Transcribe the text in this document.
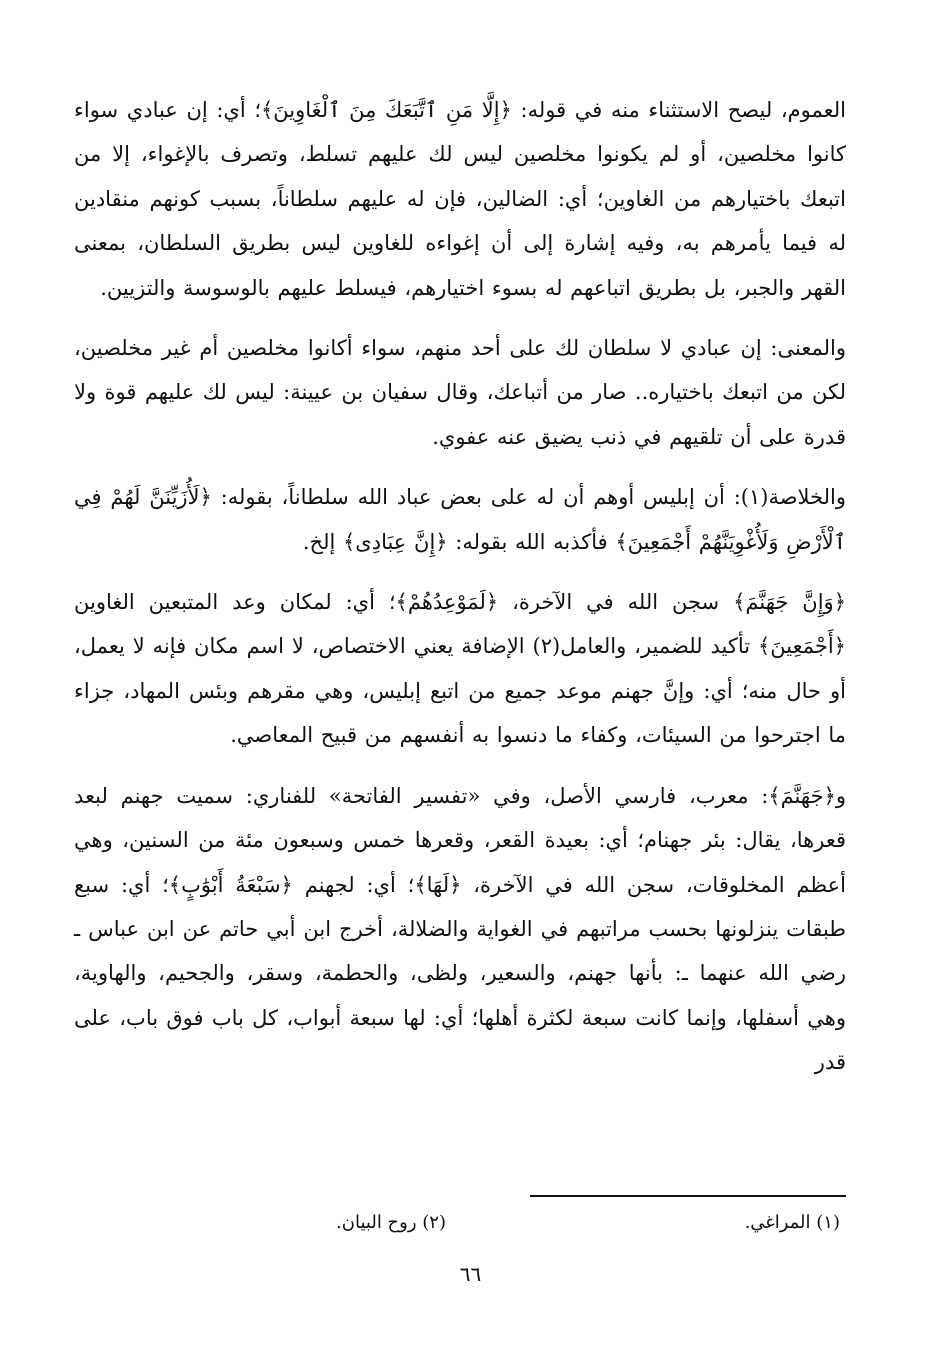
العموم، ليصح الاستثناء منه في قوله: ﴿إِلَّا مَنِ ٱتَّبَعَكَ مِنَ ٱلْغَاوِينَ﴾؛ أي: إن عبادي سواء كانوا مخلصين، أو لم يكونوا مخلصين ليس لك عليهم تسلط، وتصرف بالإغواء، إلا من اتبعك باختيارهم من الغاوين؛ أي: الضالين، فإن له عليهم سلطاناً، بسبب كونهم منقادين له فيما يأمرهم به، وفيه إشارة إلى أن إغواءه للغاوين ليس بطريق السلطان، بمعنى القهر والجبر، بل بطريق اتباعهم له بسوء اختيارهم، فيسلط عليهم بالوسوسة والتزيين.

والمعنى: إن عبادي لا سلطان لك على أحد منهم، سواء أكانوا مخلصين أم غير مخلصين، لكن من اتبعك باختياره.. صار من أتباعك، وقال سفيان بن عيينة: ليس لك عليهم قوة ولا قدرة على أن تلقيهم في ذنب يضيق عنه عفوي.

والخلاصة(١): أن إبليس أوهم أن له على بعض عباد الله سلطاناً، بقوله: ﴿لَأُزَيِّنَنَّ لَهُمْ فِي ٱلْأَرْضِ وَلَأُغْوِيَنَّهُمْ أَجْمَعِينَ﴾ فأكذبه الله بقوله: ﴿إِنَّ عِبَادِى﴾ إلخ.

﴿وَإِنَّ جَهَنَّمَ﴾ سجن الله في الآخرة، ﴿لَمَوْعِدُهُمْ﴾؛ أي: لمكان وعد المتبعين الغاوين ﴿أَجْمَعِينَ﴾ تأكيد للضمير، والعامل(٢) الإضافة يعني الاختصاص، لا اسم مكان فإنه لا يعمل، أو حال منه؛ أي: وإنَّ جهنم موعد جميع من اتبع إبليس، وهي مقرهم وبئس المهاد، جزاء ما اجترحوا من السيئات، وكفاء ما دنسوا به أنفسهم من قبيح المعاصي.

و﴿جَهَنَّمَ﴾: معرب، فارسي الأصل، وفي «تفسير الفاتحة» للفناري: سميت جهنم لبعد قعرها، يقال: بئر جهنام؛ أي: بعيدة القعر، وقعرها خمس وسبعون مئة من السنين، وهي أعظم المخلوقات، سجن الله في الآخرة، ﴿لَهَا﴾؛ أي: لجهنم ﴿سَبْعَةُ أَبْوَٰبٍ﴾؛ أي: سبع طبقات ينزلونها بحسب مراتبهم في الغواية والضلالة، أخرج ابن أبي حاتم عن ابن عباس ـ رضي الله عنهما ـ: بأنها جهنم، والسعير، ولظى، والحطمة، وسقر، والجحيم، والهاوية، وهي أسفلها، وإنما كانت سبعة لكثرة أهلها؛ أي: لها سبعة أبواب، كل باب فوق باب، على قدر

(١) المراغي.
(٢) روح البيان.
٦٦
